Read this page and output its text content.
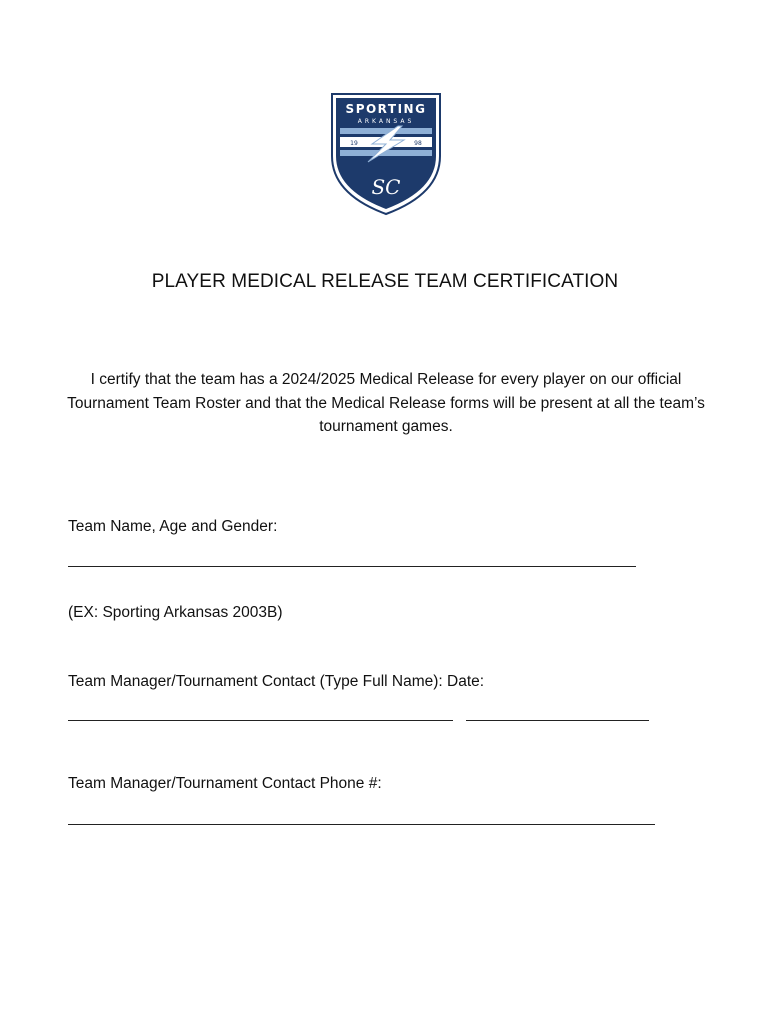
SPORTING
ARKANSAS
19	98
SC
PLAYER MEDICAL RELEASE TEAM CERTIFICATION
I certify that the team has a 2024/2025 Medical Release for every player on our official Tournament Team Roster and that the Medical Release forms will be present at all the team’s tournament games.
Team Name, Age and Gender:
(EX: Sporting Arkansas 2003B)
Team Manager/Tournament Contact (Type Full Name): Date:
Team Manager/Tournament Contact Phone #:
